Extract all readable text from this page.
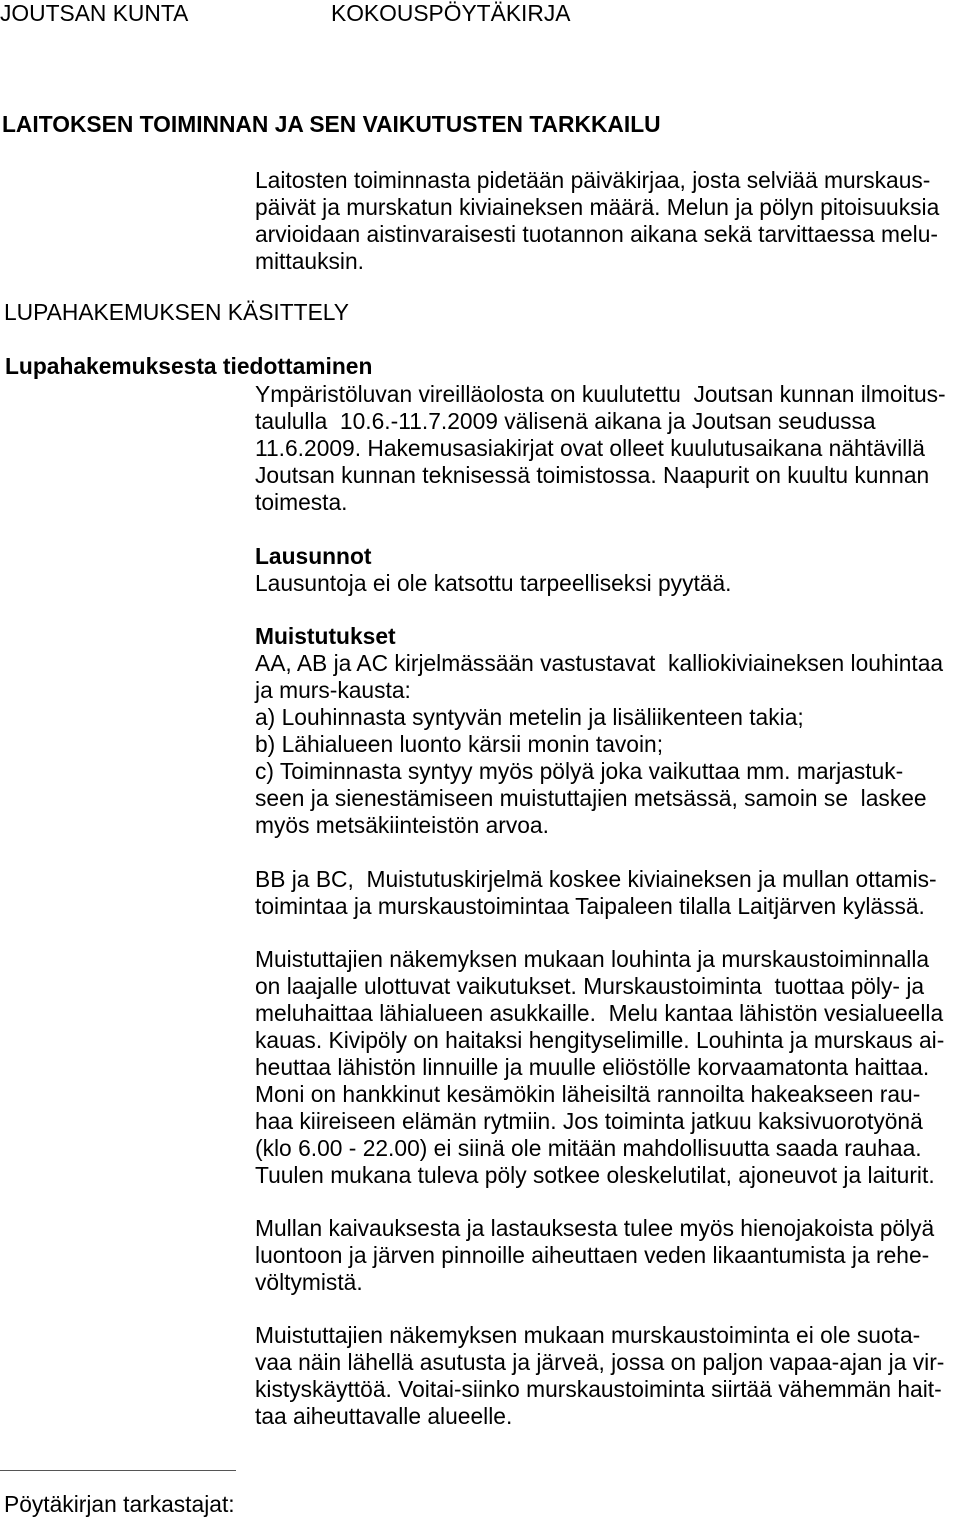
JOUTSAN KUNTA	KOKOUSPÖYTÄKIRJA
LAITOKSEN TOIMINNAN JA SEN VAIKUTUSTEN TARKKAILU
Laitosten toiminnasta pidetään päiväkirjaa, josta selviää murskaus-
päivät ja murskatun kiviaineksen määrä. Melun ja pölyn pitoisuuksia
arvioidaan aistinvaraisesti tuotannon aikana sekä tarvittaessa melu-
mittauksin.
LUPAHAKEMUKSEN KÄSITTELY
Lupahakemuksesta tiedottaminen
Ympäristöluvan vireilläolosta on kuulutettu  Joutsan kunnan ilmoitus-
taululla  10.6.-11.7.2009 välisenä aikana ja Joutsan seudussa
11.6.2009. Hakemusasiakirjat ovat olleet kuulutusaikana nähtävillä
Joutsan kunnan teknisessä toimistossa. Naapurit on kuultu kunnan
toimesta.
Lausunnot
Lausuntoja ei ole katsottu tarpeelliseksi pyytää.
Muistutukset
AA, AB ja AC kirjelmässään vastustavat  kalliokiviaineksen louhintaa
ja murs-kausta:
a) Louhinnasta syntyvän metelin ja lisäliikenteen takia;
b) Lähialueen luonto kärsii monin tavoin;
c) Toiminnasta syntyy myös pölyä joka vaikuttaa mm. marjastuk-
seen ja sienestämiseen muistuttajien metsässä, samoin se  laskee
myös metsäkiinteistön arvoa.
BB ja BC,  Muistutuskirjelmä koskee kiviaineksen ja mullan ottamis-
toimintaa ja murskaustoimintaa Taipaleen tilalla Laitjärven kylässä.
Muistuttajien näkemyksen mukaan louhinta ja murskaustoiminnalla
on laajalle ulottuvat vaikutukset. Murskaustoiminta  tuottaa pöly- ja
meluhaittaa lähialueen asukkaille.  Melu kantaa lähistön vesialueella
kauas. Kivipöly on haitaksi hengityselimille. Louhinta ja murskaus ai-
heuttaa lähistön linnuille ja muulle eliöstölle korvaamatonta haittaa.
Moni on hankkinut kesämökin läheisiltä rannoilta hakeakseen rau-
haa kiireiseen elämän rytmiin. Jos toiminta jatkuu kaksivuorotyönä
(klo 6.00 - 22.00) ei siinä ole mitään mahdollisuutta saada rauhaa.
Tuulen mukana tuleva pöly sotkee oleskelutilat, ajoneuvot ja laiturit.
Mullan kaivauksesta ja lastauksesta tulee myös hienojakoista pölyä
luontoon ja järven pinnoille aiheuttaen veden likaantumista ja rehe-
völtymistä.
Muistuttajien näkemyksen mukaan murskaustoiminta ei ole suota-
vaa näin lähellä asutusta ja järveä, jossa on paljon vapaa-ajan ja vir-
kistyskäyttöä. Voitai-siinko murskaustoiminta siirtää vähemmän hait-
taa aiheuttavalle alueelle.
Pöytäkirjan tarkastajat:
